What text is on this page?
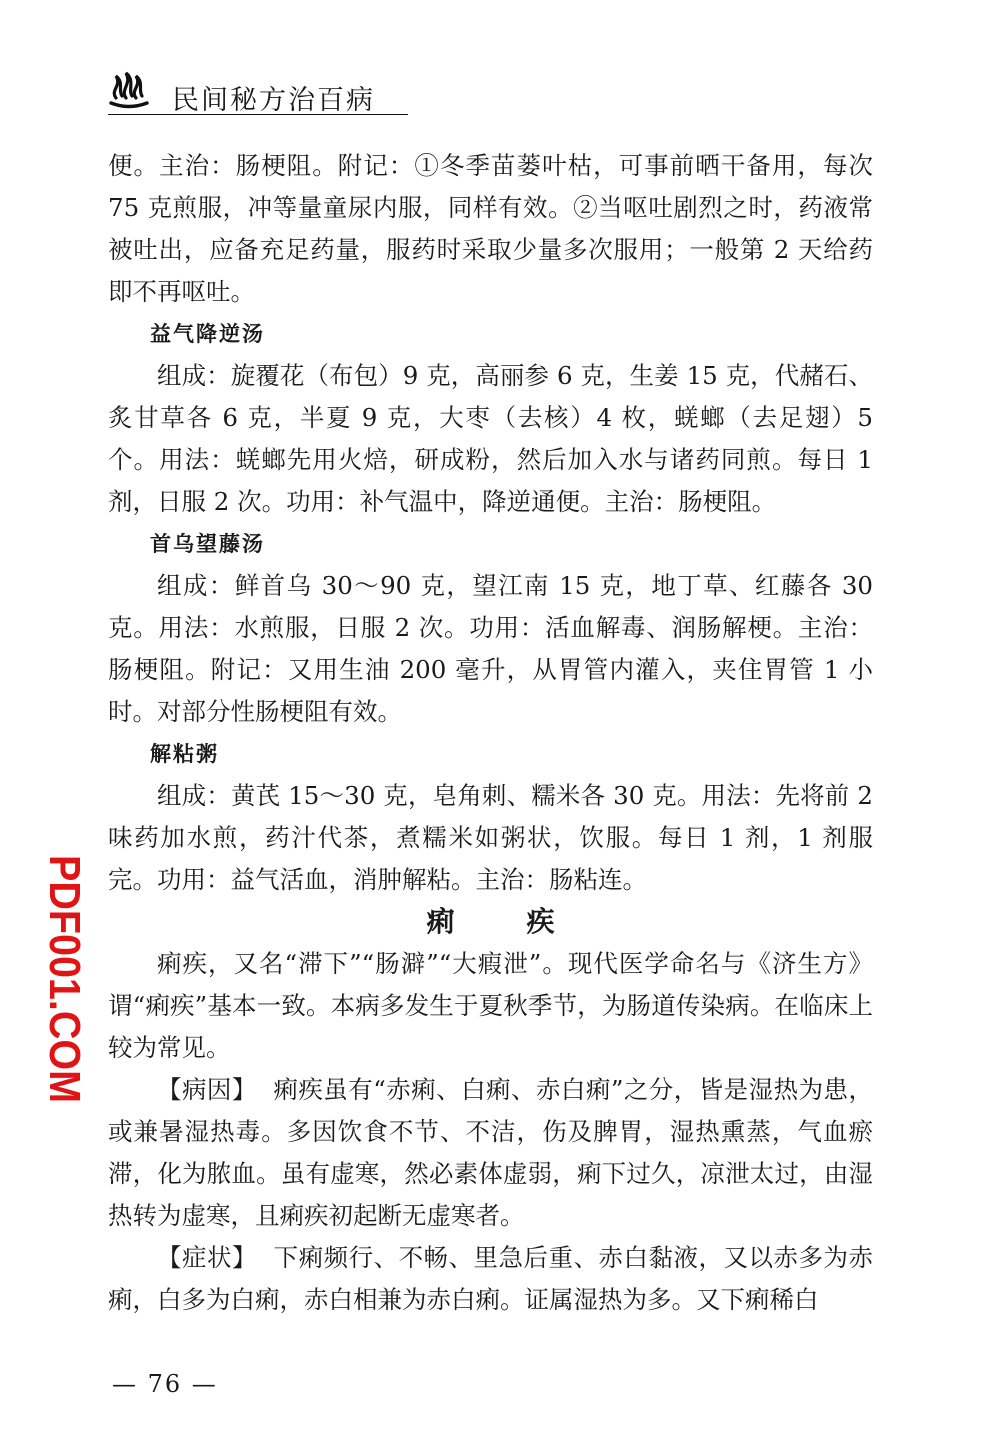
民间秘方治百病
PDF001.COM

便。主治：肠梗阻。附记：①冬季苗蒌叶枯，可事前晒干备用，每次 75 克煎服，冲等量童尿内服，同样有效。②当呕吐剧烈之时，药液常被吐出，应备充足药量，服药时采取少量多次服用；一般第 2 天给药即不再呕吐。

益气降逆汤

组成：旋覆花（布包）9 克，高丽参 6 克，生姜 15 克，代赭石、炙甘草各 6 克，半夏 9 克，大枣（去核）4 枚，蜣螂（去足翅）5 个。用法：蜣螂先用火焙，研成粉，然后加入水与诸药同煎。每日 1 剂，日服 2 次。功用：补气温中，降逆通便。主治：肠梗阻。

首乌望藤汤

组成：鲜首乌 30～90 克，望江南 15 克，地丁草、红藤各 30 克。用法：水煎服，日服 2 次。功用：活血解毒、润肠解梗。主治：肠梗阻。附记：又用生油 200 毫升，从胃管内灌入，夹住胃管 1 小时。对部分性肠梗阻有效。

解粘粥

组成：黄芪 15～30 克，皂角刺、糯米各 30 克。用法：先将前 2 味药加水煎，药汁代茶，煮糯米如粥状，饮服。每日 1 剂，1 剂服完。功用：益气活血，消肿解粘。主治：肠粘连。

痢疾

痢疾，又名“滞下”“肠澼”“大瘕泄”。现代医学命名与《济生方》谓“痢疾”基本一致。本病多发生于夏秋季节，为肠道传染病。在临床上较为常见。

【病因】 痢疾虽有“赤痢、白痢、赤白痢”之分，皆是湿热为患，或兼暑湿热毒。多因饮食不节、不洁，伤及脾胃，湿热熏蒸，气血瘀滞，化为脓血。虽有虚寒，然必素体虚弱，痢下过久，凉泄太过，由湿热转为虚寒，且痢疾初起断无虚寒者。

【症状】 下痢频行、不畅、里急后重、赤白黏液，又以赤多为赤痢，白多为白痢，赤白相兼为赤白痢。证属湿热为多。又下痢稀白

— 76 —
